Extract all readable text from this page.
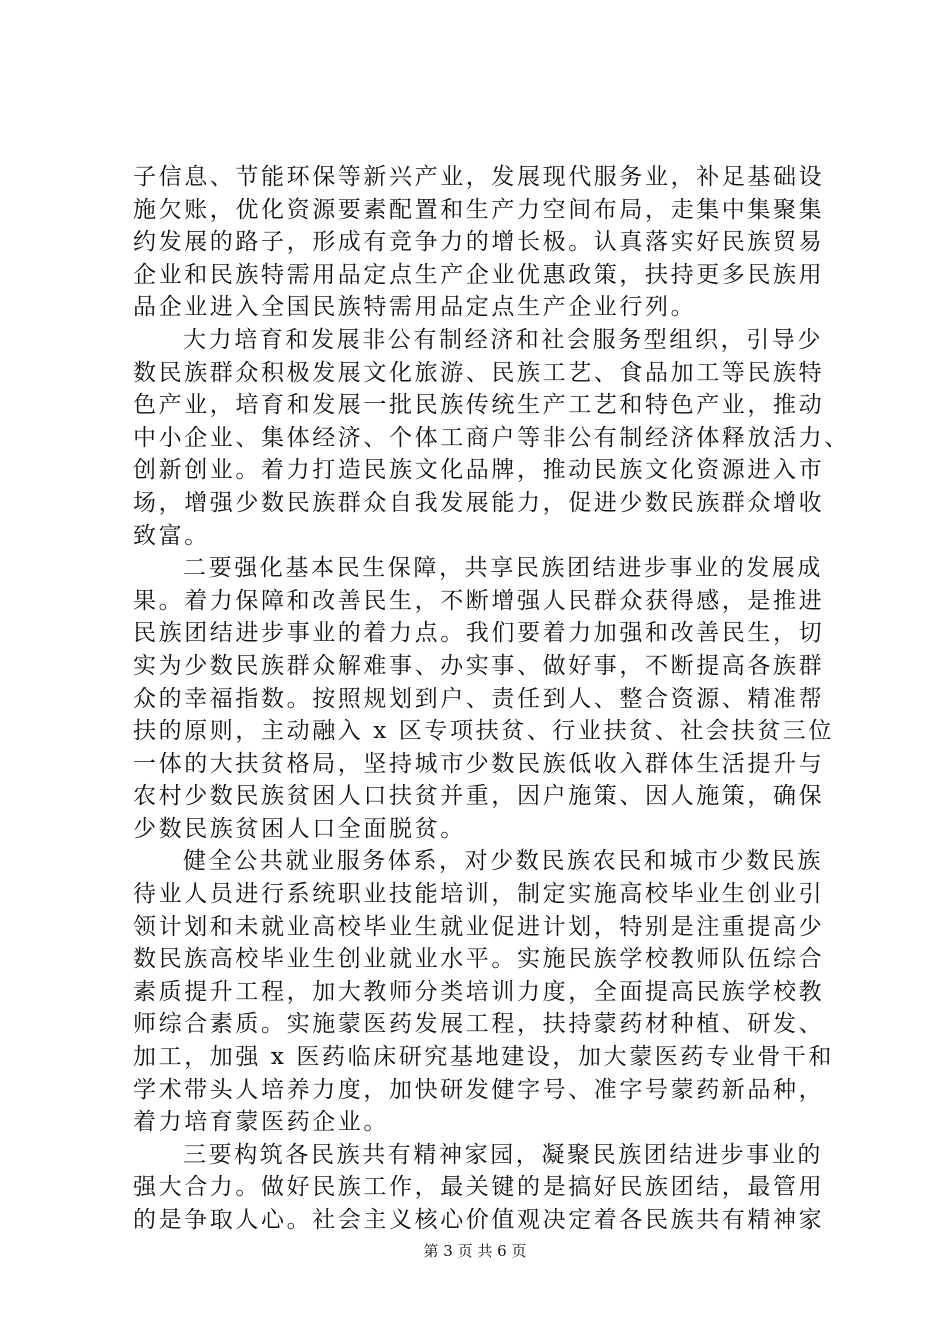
子信息、节能环保等新兴产业，发展现代服务业，补足基础设
施欠账，优化资源要素配置和生产力空间布局，走集中集聚集
约发展的路子，形成有竞争力的增长极。认真落实好民族贸易
企业和民族特需用品定点生产企业优惠政策，扶持更多民族用
品企业进入全国民族特需用品定点生产企业行列。
大力培育和发展非公有制经济和社会服务型组织，引导少
数民族群众积极发展文化旅游、民族工艺、食品加工等民族特
色产业，培育和发展一批民族传统生产工艺和特色产业，推动
中小企业、集体经济、个体工商户等非公有制经济体释放活力、
创新创业。着力打造民族文化品牌，推动民族文化资源进入市
场，增强少数民族群众自我发展能力，促进少数民族群众增收
致富。
二要强化基本民生保障，共享民族团结进步事业的发展成
果。着力保障和改善民生，不断增强人民群众获得感，是推进
民族团结进步事业的着力点。我们要着力加强和改善民生，切
实为少数民族群众解难事、办实事、做好事，不断提高各族群
众的幸福指数。按照规划到户、责任到人、整合资源、精准帮
扶的原则，主动融入 x 区专项扶贫、行业扶贫、社会扶贫三位
一体的大扶贫格局，坚持城市少数民族低收入群体生活提升与
农村少数民族贫困人口扶贫并重，因户施策、因人施策，确保
少数民族贫困人口全面脱贫。
健全公共就业服务体系，对少数民族农民和城市少数民族
待业人员进行系统职业技能培训，制定实施高校毕业生创业引
领计划和未就业高校毕业生就业促进计划，特别是注重提高少
数民族高校毕业生创业就业水平。实施民族学校教师队伍综合
素质提升工程，加大教师分类培训力度，全面提高民族学校教
师综合素质。实施蒙医药发展工程，扶持蒙药材种植、研发、
加工，加强 x 医药临床研究基地建设，加大蒙医药专业骨干和
学术带头人培养力度，加快研发健字号、准字号蒙药新品种，
着力培育蒙医药企业。
三要构筑各民族共有精神家园，凝聚民族团结进步事业的
强大合力。做好民族工作，最关键的是搞好民族团结，最管用
的是争取人心。社会主义核心价值观决定着各民族共有精神家
第 3 页 共 6 页
